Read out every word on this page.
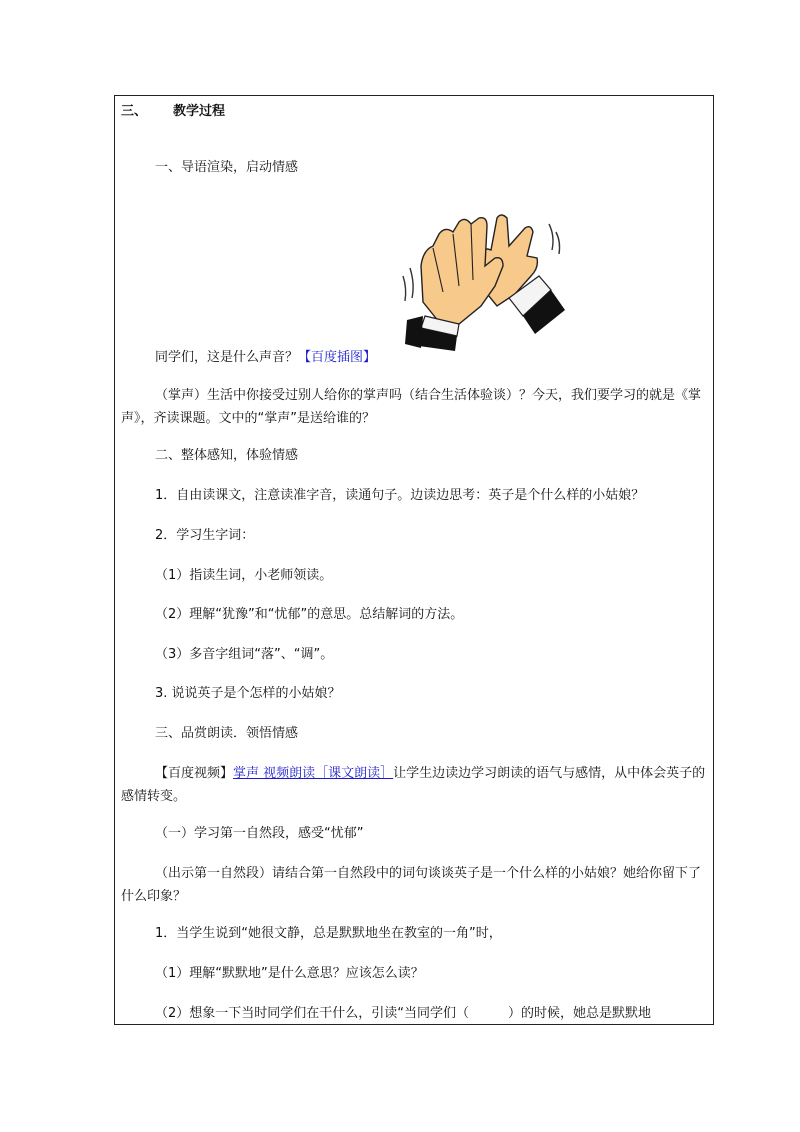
三、 教学过程

一、导语渲染，启动情感

同学们，这是什么声音？【百度插图】

（掌声）生活中你接受过别人给你的掌声吗（结合生活体验谈）？今天，我们要学习的就是《掌声》，齐读课题。文中的“掌声”是送给谁的？

二、整体感知，体验情感

1．自由读课文，注意读准字音，读通句子。边读边思考：英子是个什么样的小姑娘？

2．学习生字词：

（1）指读生词，小老师领读。

（2）理解“犹豫”和“忧郁”的意思。总结解词的方法。

（3）多音字组词“落”、“调”。

3. 说说英子是个怎样的小姑娘？

三、品赏朗读．领悟情感

【百度视频】掌声 视频朗读［课文朗读］让学生边读边学习朗读的语气与感情，从中体会英子的感情转变。

（一）学习第一自然段，感受“忧郁”

（出示第一自然段）请结合第一自然段中的词句谈谈英子是一个什么样的小姑娘？她给你留下了什么印象？

1．当学生说到“她很文静，总是默默地坐在教室的一角”时，

（1）理解“默默地”是什么意思？应该怎么读？

（2）想象一下当时同学们在干什么，引读“当同学们（　　　）的时候，她总是默默地
